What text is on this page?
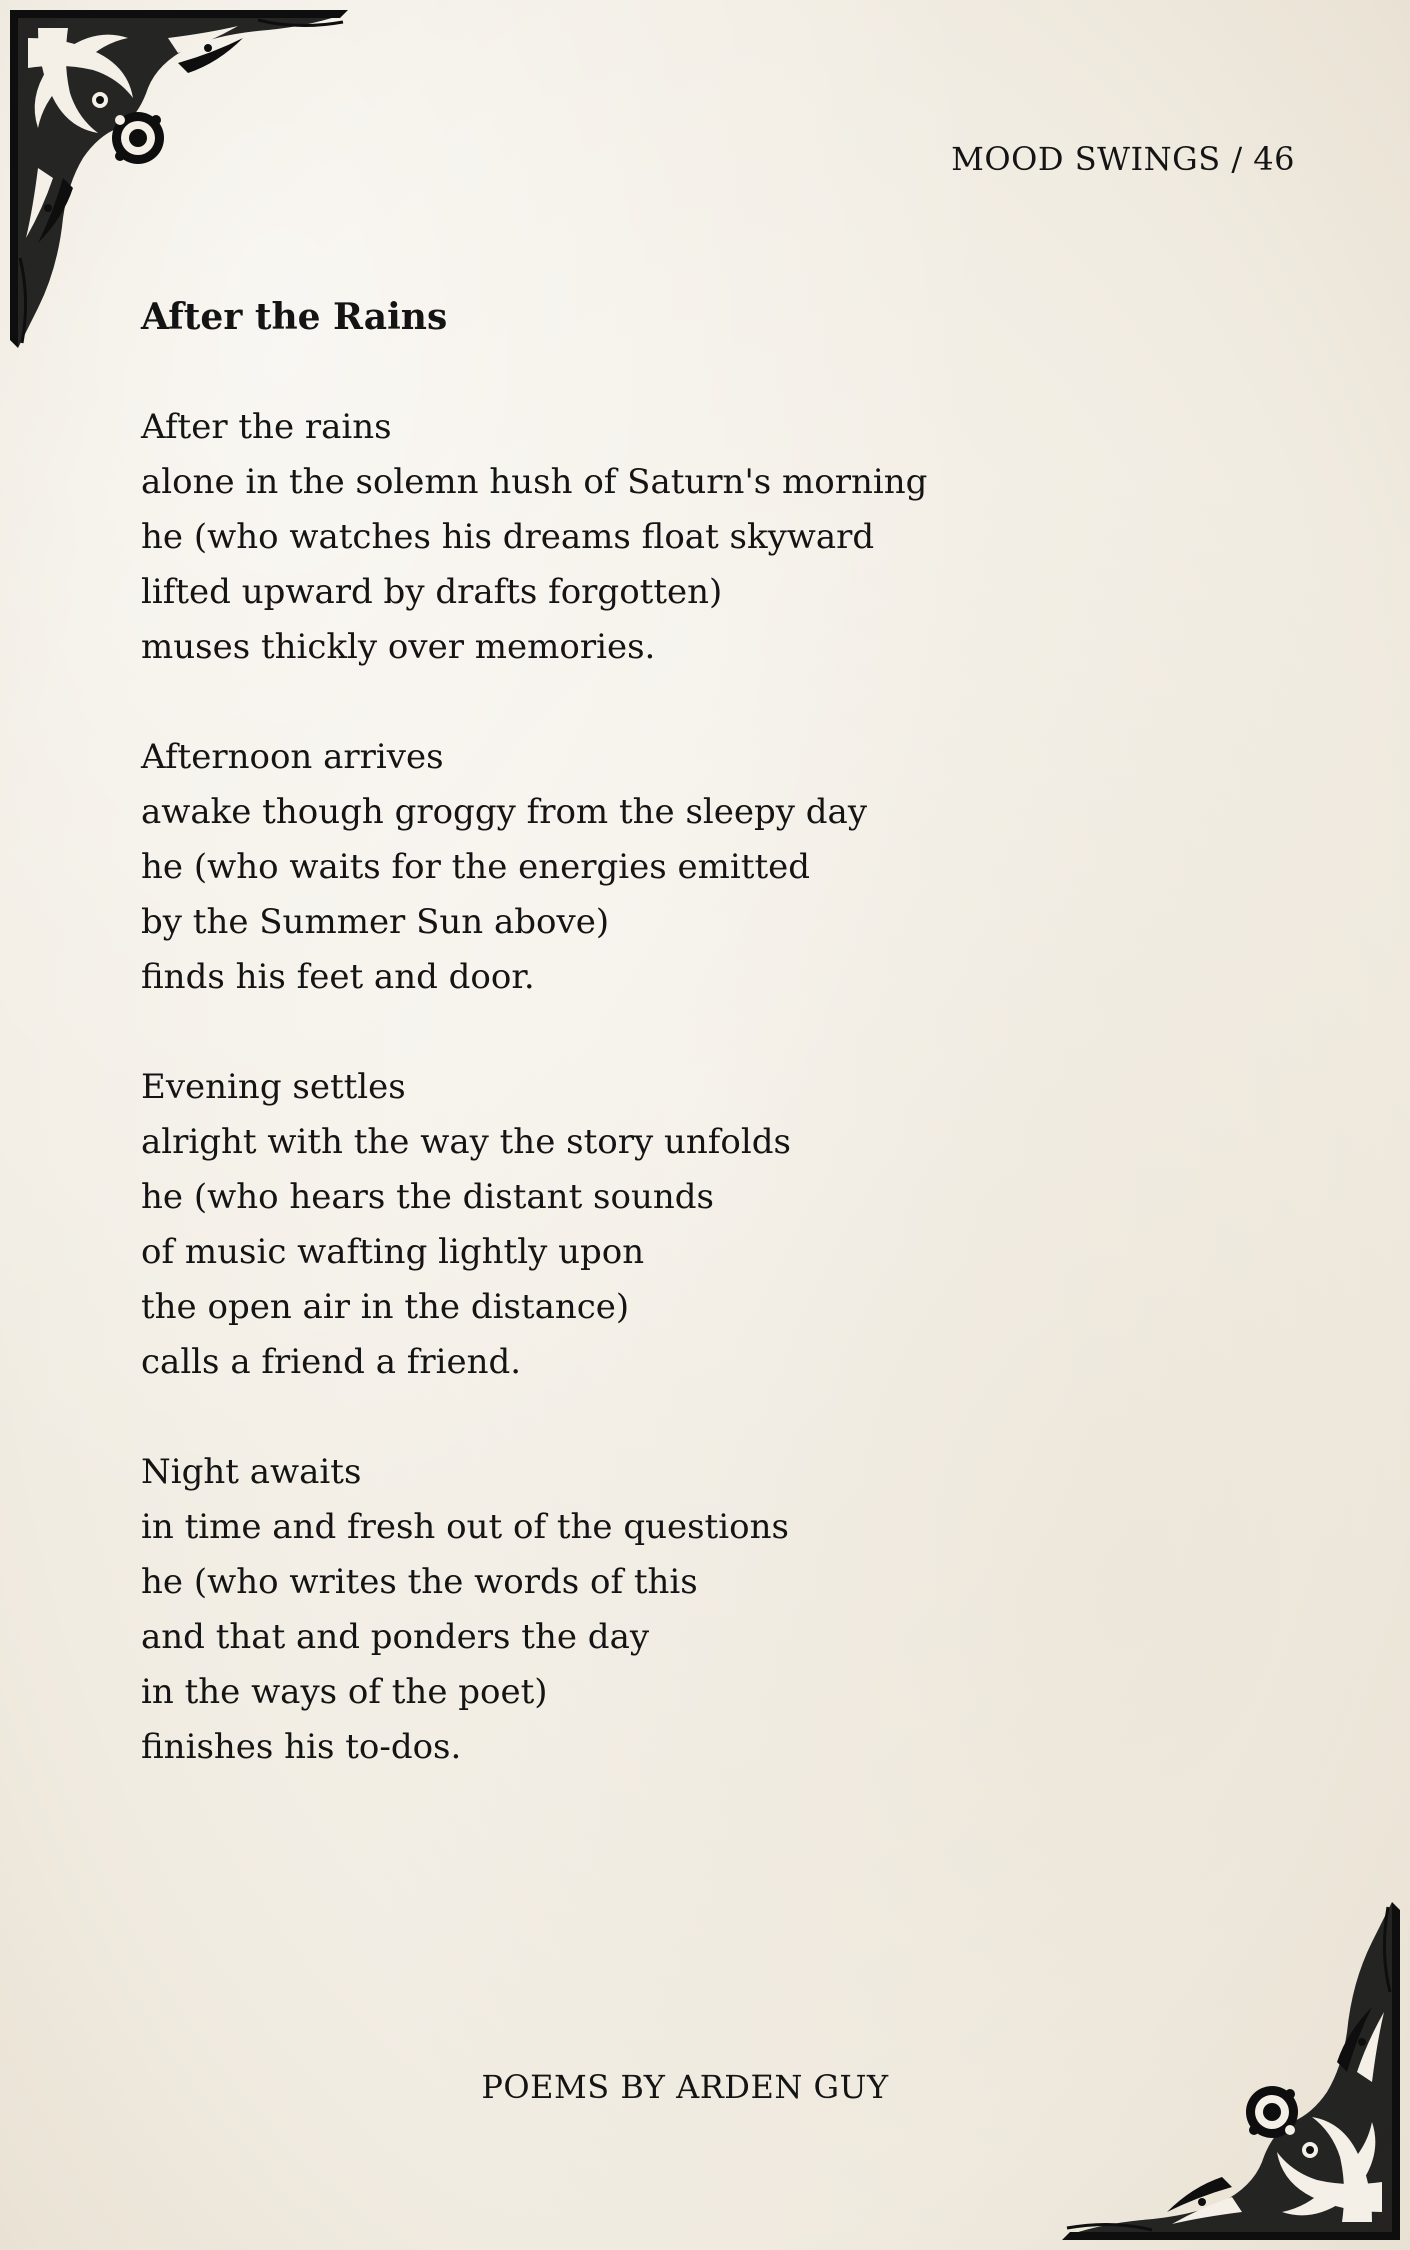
MOOD SWINGS / 46
After the Rains
After the rains
alone in the solemn hush of Saturn's morning
he (who watches his dreams float skyward
lifted upward by drafts forgotten)
muses thickly over memories.
Afternoon arrives
awake though groggy from the sleepy day
he (who waits for the energies emitted
by the Summer Sun above)
finds his feet and door.
Evening settles
alright with the way the story unfolds
he (who hears the distant sounds
of music wafting lightly upon
the open air in the distance)
calls a friend a friend.
Night awaits
in time and fresh out of the questions
he (who writes the words of this
and that and ponders the day
in the ways of the poet)
finishes his to-dos.
POEMS BY ARDEN GUY
